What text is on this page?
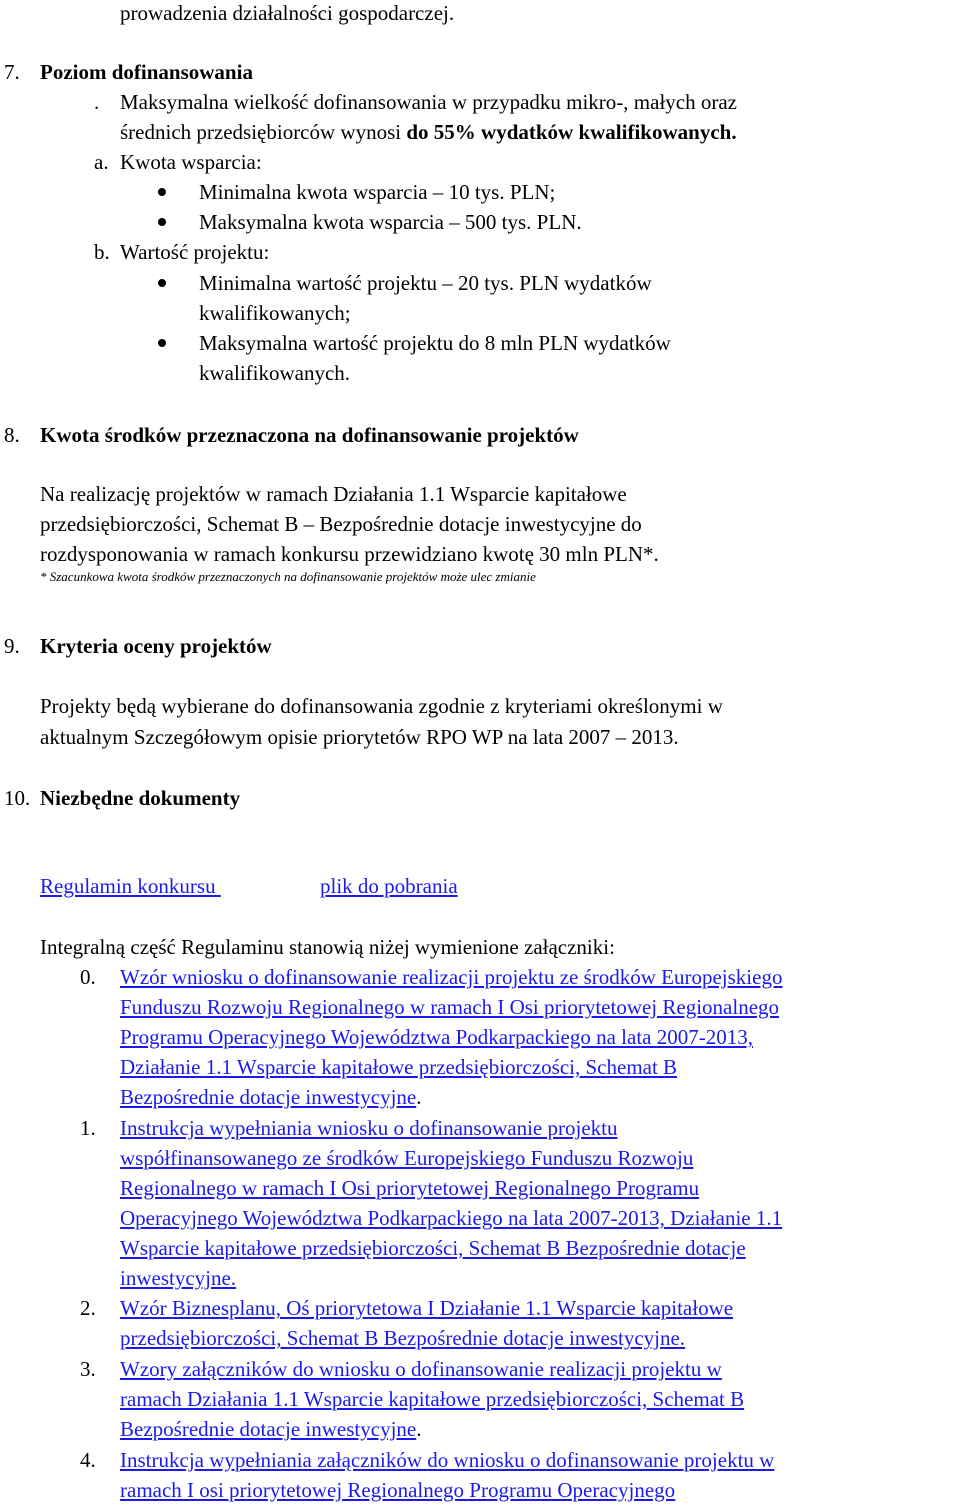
prowadzenia działalności gospodarczej.
7. Poziom dofinansowania
. Maksymalna wielkość dofinansowania w przypadku mikro-, małych oraz
średnich przedsiębiorców wynosi do 55% wydatków kwalifikowanych.
a. Kwota wsparcia:
Minimalna kwota wsparcia – 10 tys. PLN;
Maksymalna kwota wsparcia – 500 tys. PLN.
b. Wartość projektu:
Minimalna wartość projektu – 20 tys. PLN wydatków
kwalifikowanych;
Maksymalna wartość projektu do 8 mln PLN wydatków
kwalifikowanych.
8. Kwota środków przeznaczona na dofinansowanie projektów
Na realizację projektów w ramach Działania 1.1 Wsparcie kapitałowe
przedsiębiorczości, Schemat B – Bezpośrednie dotacje inwestycyjne do
rozdysponowania w ramach konkursu przewidziano kwotę 30 mln PLN*.
* Szacunkowa kwota środków przeznaczonych na dofinansowanie projektów może ulec zmianie
9. Kryteria oceny projektów
Projekty będą wybierane do dofinansowania zgodnie z kryteriami określonymi w
aktualnym Szczegółowym opisie priorytetów RPO WP na lata 2007 – 2013.
10. Niezbędne dokumenty
Regulamin konkursu	plik do pobrania
Integralną część Regulaminu stanowią niżej wymienione załączniki:
0. Wzór wniosku o dofinansowanie realizacji projektu ze środków Europejskiego
Funduszu Rozwoju Regionalnego w ramach I Osi priorytetowej Regionalnego
Programu Operacyjnego Województwa Podkarpackiego na lata 2007-2013,
Działanie 1.1 Wsparcie kapitałowe przedsiębiorczości, Schemat B
Bezpośrednie dotacje inwestycyjne.
1. Instrukcja wypełniania wniosku o dofinansowanie projektu
współfinansowanego ze środków Europejskiego Funduszu Rozwoju
Regionalnego w ramach I Osi priorytetowej Regionalnego Programu
Operacyjnego Województwa Podkarpackiego na lata 2007-2013, Działanie 1.1
Wsparcie kapitałowe przedsiębiorczości, Schemat B Bezpośrednie dotacje
inwestycyjne.
2. Wzór Biznesplanu, Oś priorytetowa I Działanie 1.1 Wsparcie kapitałowe
przedsiębiorczości, Schemat B Bezpośrednie dotacje inwestycyjne.
3. Wzory załączników do wniosku o dofinansowanie realizacji projektu w
ramach Działania 1.1 Wsparcie kapitałowe przedsiębiorczości, Schemat B
Bezpośrednie dotacje inwestycyjne.
4. Instrukcja wypełniania załączników do wniosku o dofinansowanie projektu w
ramach I osi priorytetowej Regionalnego Programu Operacyjnego
